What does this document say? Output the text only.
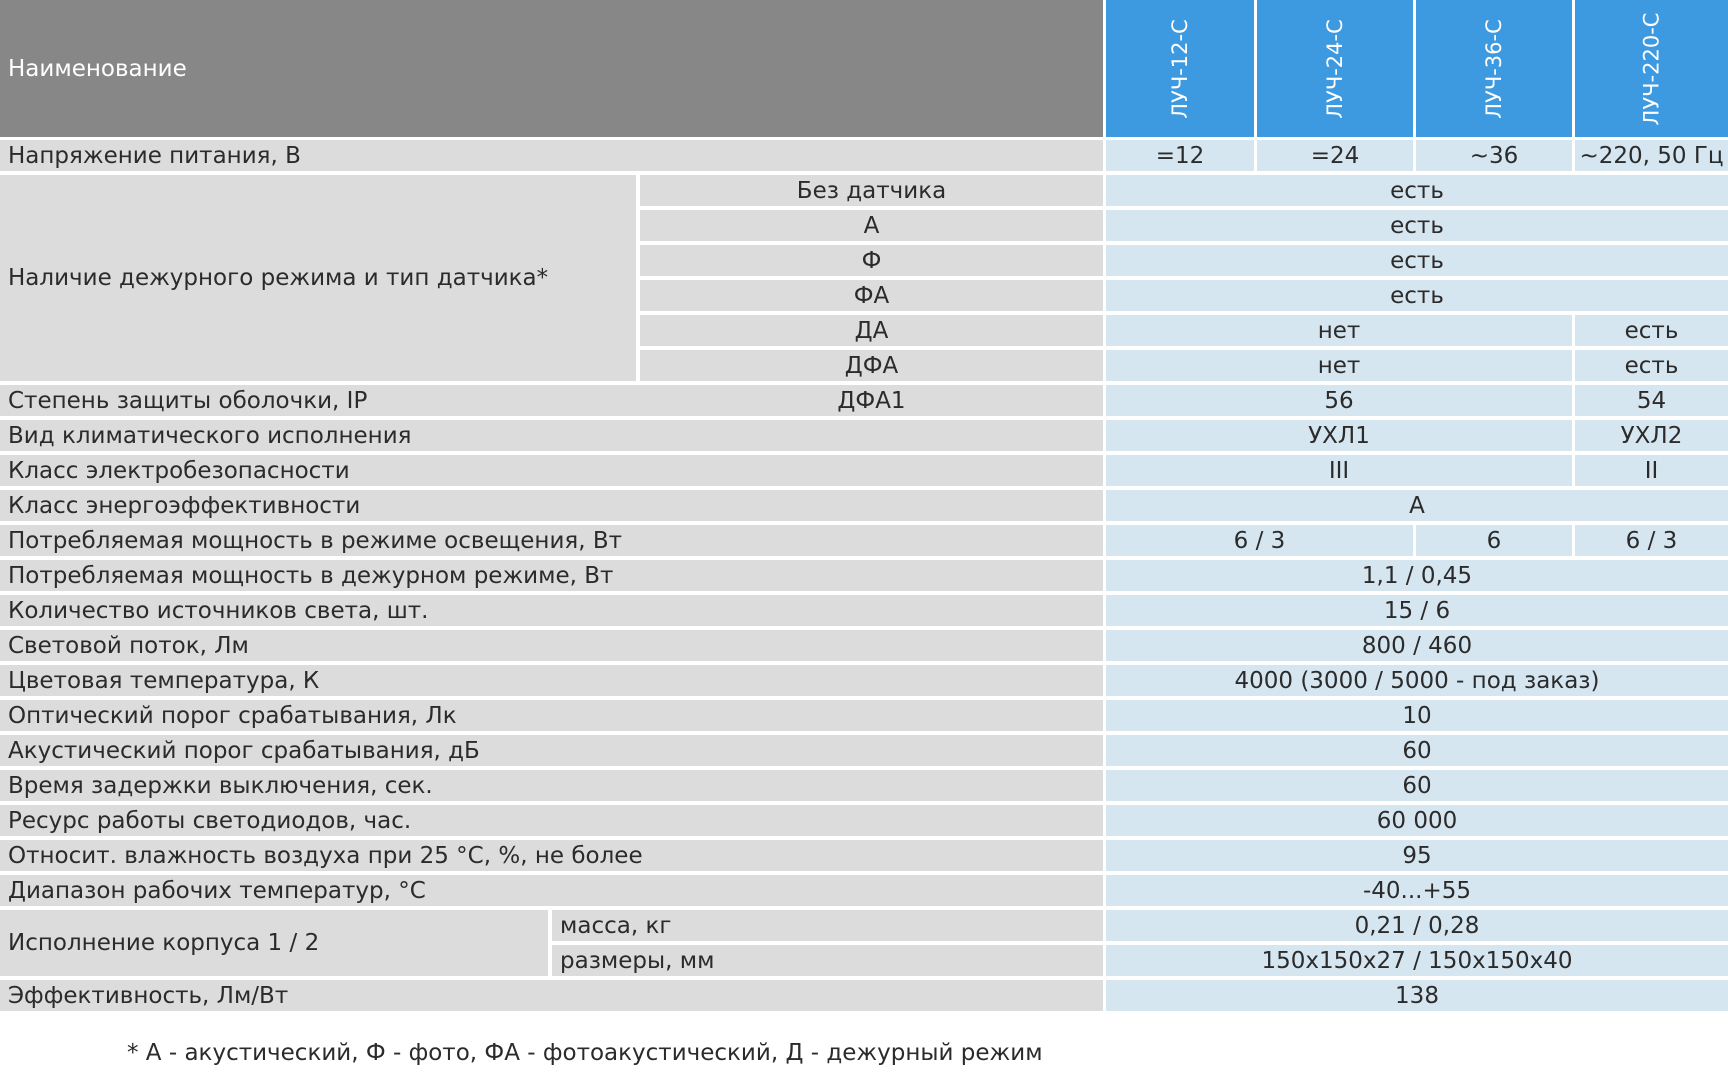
Наименование	ЛУЧ-12-С	ЛУЧ-24-С	ЛУЧ-36-С	ЛУЧ-220-С
Напряжение питания, В	=12	=24	~36	~220, 50 Гц
Наличие дежурного режима и тип датчика*
Без датчика	есть
А	есть
Ф	есть
ФА	есть
ДА	нет	есть
ДФА	нет	есть
Степень защиты оболочки, IP	ДФА1	56	54
Вид климатического исполнения	УХЛ1	УХЛ2
Класс электробезопасности	III	II
Класс энергоэффективности	А
Потребляемая мощность в режиме освещения, Вт	6 / 3	6	6 / 3
Потребляемая мощность в дежурном режиме, Вт	1,1 / 0,45
Количество источников света, шт.	15 / 6
Световой поток, Лм	800 / 460
Цветовая температура, К	4000 (3000 / 5000 - под заказ)
Оптический порог срабатывания, Лк	10
Акустический порог срабатывания, дБ	60
Время задержки выключения, сек.	60
Ресурс работы светодиодов, час.	60 000
Относит. влажность воздуха при 25 °C, %, не более	95
Диапазон рабочих температур, °C	-40...+55
Исполнение корпуса 1 / 2
масса, кг	0,21 / 0,28
размеры, мм	150x150x27 / 150x150x40
Эффективность, Лм/Вт	138
* А - акустический, Ф - фото, ФА - фотоакустический, Д - дежурный режим
